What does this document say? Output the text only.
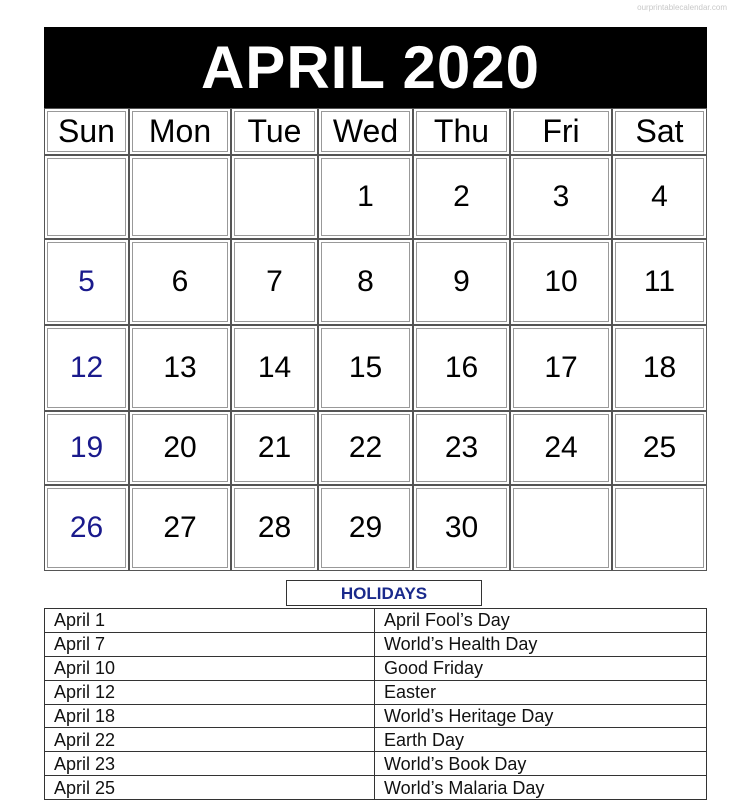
ourprintablecalendar.com
APRIL 2020
Sun	Mon	Tue	Wed	Thu	Fri	Sat
			1	2	3	4
5	6	7	8	9	10	11
12	13	14	15	16	17	18
19	20	21	22	23	24	25
26	27	28	29	30		
HOLIDAYS
April 1	April Fool’s Day
April 7	World’s Health Day
April 10	Good Friday
April 12	Easter
April 18	World’s Heritage Day
April 22	Earth Day
April 23	World’s Book Day
April 25	World’s Malaria Day
